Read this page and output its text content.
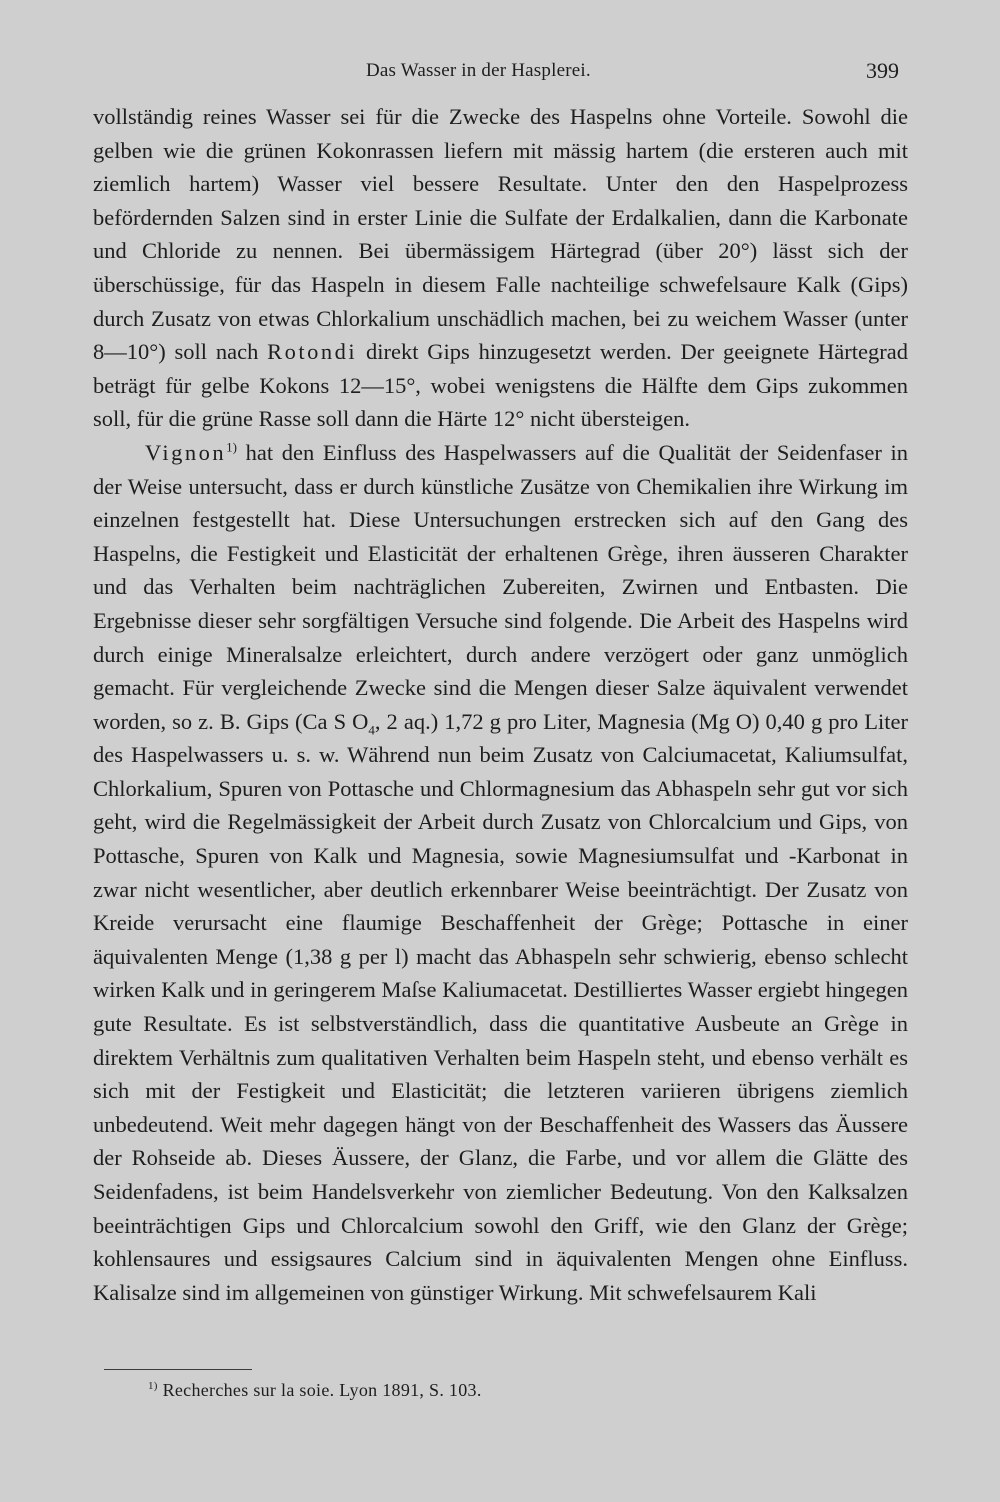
Das Wasser in der Hasplerei.	399

vollständig reines Wasser sei für die Zwecke des Haspelns ohne Vorteile. Sowohl die gelben wie die grünen Kokonrassen liefern mit mässig hartem (die ersteren auch mit ziemlich hartem) Wasser viel bessere Resultate. Unter den den Haspelprozess befördernden Salzen sind in erster Linie die Sulfate der Erdalkalien, dann die Karbonate und Chloride zu nennen. Bei übermässigem Härtegrad (über 20°) lässt sich der überschüssige, für das Haspeln in diesem Falle nachteilige schwefelsaure Kalk (Gips) durch Zusatz von etwas Chlorkalium unschädlich machen, bei zu weichem Wasser (unter 8—10°) soll nach Rotondi direkt Gips hinzugesetzt werden. Der geeignete Härtegrad beträgt für gelbe Kokons 12—15°, wobei wenigstens die Hälfte dem Gips zukommen soll, für die grüne Rasse soll dann die Härte 12° nicht übersteigen.

Vignon$^{1)}$ hat den Einfluss des Haspelwassers auf die Qualität der Seidenfaser in der Weise untersucht, dass er durch künstliche Zusätze von Chemikalien ihre Wirkung im einzelnen festgestellt hat. Diese Untersuchungen erstrecken sich auf den Gang des Haspelns, die Festigkeit und Elasticität der erhaltenen Grège, ihren äusseren Charakter und das Verhalten beim nachträglichen Zubereiten, Zwirnen und Entbasten. Die Ergebnisse dieser sehr sorgfältigen Versuche sind folgende. Die Arbeit des Haspelns wird durch einige Mineralsalze erleichtert, durch andere verzögert oder ganz unmöglich gemacht. Für vergleichende Zwecke sind die Mengen dieser Salze äquivalent verwendet worden, so z. B. Gips (Ca S $O_4$, 2 aq.) 1,72 g pro Liter, Magnesia (Mg O) 0,40 g pro Liter des Haspelwassers u. s. w. Während nun beim Zusatz von Calciumacetat, Kaliumsulfat, Chlorkalium, Spuren von Pottasche und Chlormagnesium das Abhaspeln sehr gut vor sich geht, wird die Regelmässigkeit der Arbeit durch Zusatz von Chlorcalcium und Gips, von Pottasche, Spuren von Kalk und Magnesia, sowie Magnesiumsulfat und -Karbonat in zwar nicht wesentlicher, aber deutlich erkennbarer Weise beeinträchtigt. Der Zusatz von Kreide verursacht eine flaumige Beschaffenheit der Grège; Pottasche in einer äquivalenten Menge (1,38 g per l) macht das Abhaspeln sehr schwierig, ebenso schlecht wirken Kalk und in geringerem Maſse Kaliumacetat. Destilliertes Wasser ergiebt hingegen gute Resultate. Es ist selbstverständlich, dass die quantitative Ausbeute an Grège in direktem Verhältnis zum qualitativen Verhalten beim Haspeln steht, und ebenso verhält es sich mit der Festigkeit und Elasticität; die letzteren variieren übrigens ziemlich unbedeutend. Weit mehr dagegen hängt von der Beschaffenheit des Wassers das Äussere der Rohseide ab. Dieses Äussere, der Glanz, die Farbe, und vor allem die Glätte des Seidenfadens, ist beim Handelsverkehr von ziemlicher Bedeutung. Von den Kalksalzen beeinträchtigen Gips und Chlorcalcium sowohl den Griff, wie den Glanz der Grège; kohlensaures und essigsaures Calcium sind in äquivalenten Mengen ohne Einfluss. Kalisalze sind im allgemeinen von günstiger Wirkung. Mit schwefelsaurem Kali

$^{1)}$ Recherches sur la soie. Lyon 1891, S. 103.
